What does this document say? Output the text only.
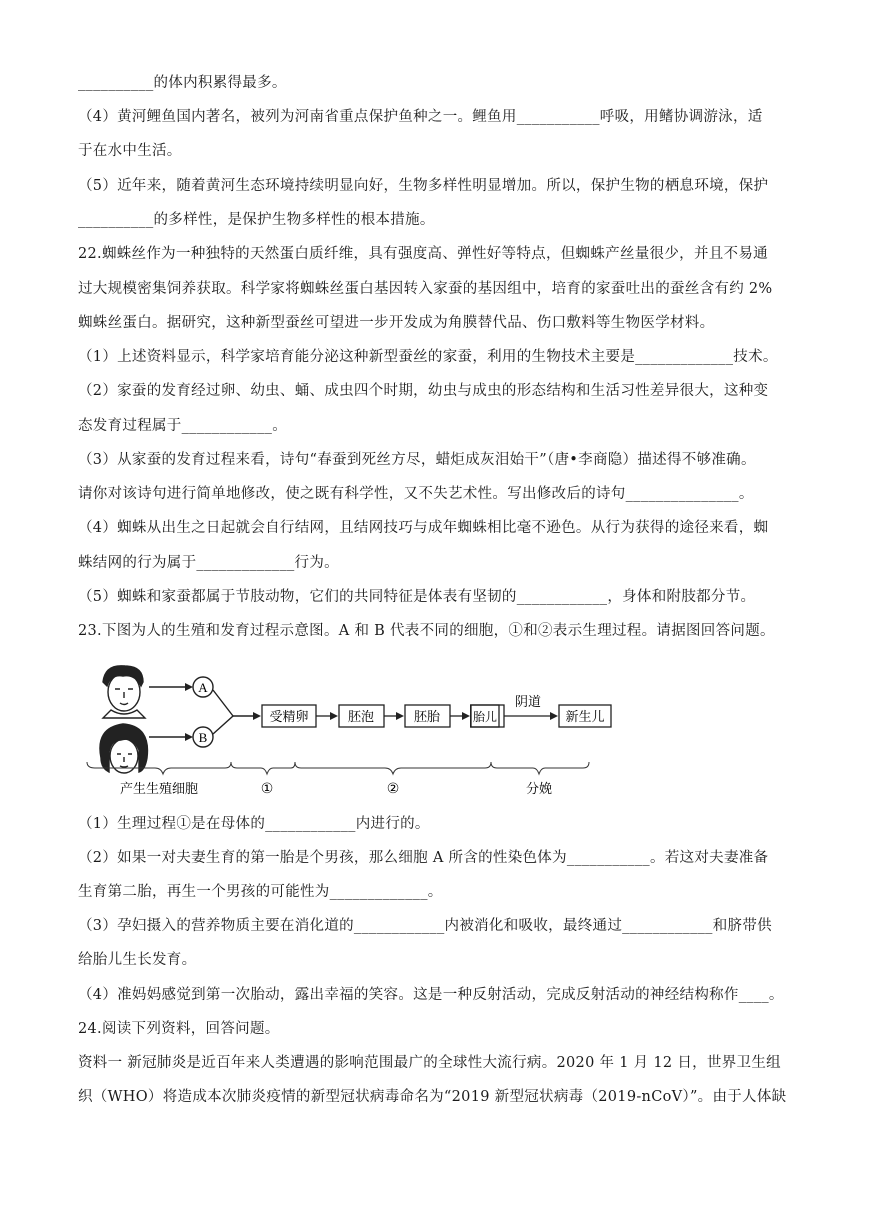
__________的体内积累得最多。
（4）黄河鲤鱼国内著名，被列为河南省重点保护鱼种之一。鲤鱼用___________呼吸，用鳍协调游泳，适
于在水中生活。
（5）近年来，随着黄河生态环境持续明显向好，生物多样性明显增加。所以，保护生物的栖息环境，保护
__________的多样性，是保护生物多样性的根本措施。
22.蜘蛛丝作为一种独特的天然蛋白质纤维，具有强度高、弹性好等特点，但蜘蛛产丝量很少，并且不易通
过大规模密集饲养获取。科学家将蜘蛛丝蛋白基因转入家蚕的基因组中，培育的家蚕吐出的蚕丝含有约 2%
蜘蛛丝蛋白。据研究，这种新型蚕丝可望进一步开发成为角膜替代品、伤口敷料等生物医学材料。
（1）上述资料显示，科学家培育能分泌这种新型蚕丝的家蚕，利用的生物技术主要是_____________技术。
（2）家蚕的发育经过卵、幼虫、蛹、成虫四个时期，幼虫与成虫的形态结构和生活习性差异很大，这种变
态发育过程属于____________。
（3）从家蚕的发育过程来看，诗句“春蚕到死丝方尽，蜡炬成灰泪始干”（唐•李商隐）描述得不够准确。
请你对该诗句进行简单地修改，使之既有科学性，又不失艺术性。写出修改后的诗句_______________。
（4）蜘蛛从出生之日起就会自行结网，且结网技巧与成年蜘蛛相比毫不逊色。从行为获得的途径来看，蜘
蛛结网的行为属于_____________行为。
（5）蜘蛛和家蚕都属于节肢动物，它们的共同特征是体表有坚韧的____________，身体和附肢都分节。
23.下图为人的生殖和发育过程示意图。A 和 B 代表不同的细胞，①和②表示生理过程。请据图回答问题。
A
B
受精卵	胚泡	胚胎	胎儿
阴道
新生儿
产生生殖细胞	①	②	分娩
（1）生理过程①是在母体的____________内进行的。
（2）如果一对夫妻生育的第一胎是个男孩，那么细胞 A 所含的性染色体为___________。若这对夫妻准备
生育第二胎，再生一个男孩的可能性为_____________。
（3）孕妇摄入的营养物质主要在消化道的____________内被消化和吸收，最终通过____________和脐带供
给胎儿生长发育。
（4）准妈妈感觉到第一次胎动，露出幸福的笑容。这是一种反射活动，完成反射活动的神经结构称作____。
24.阅读下列资料，回答问题。
资料一 新冠肺炎是近百年来人类遭遇的影响范围最广的全球性大流行病。2020 年 1 月 12 日，世界卫生组
织（WHO）将造成本次肺炎疫情的新型冠状病毒命名为“2019 新型冠状病毒（2019-nCoV）”。由于人体缺
